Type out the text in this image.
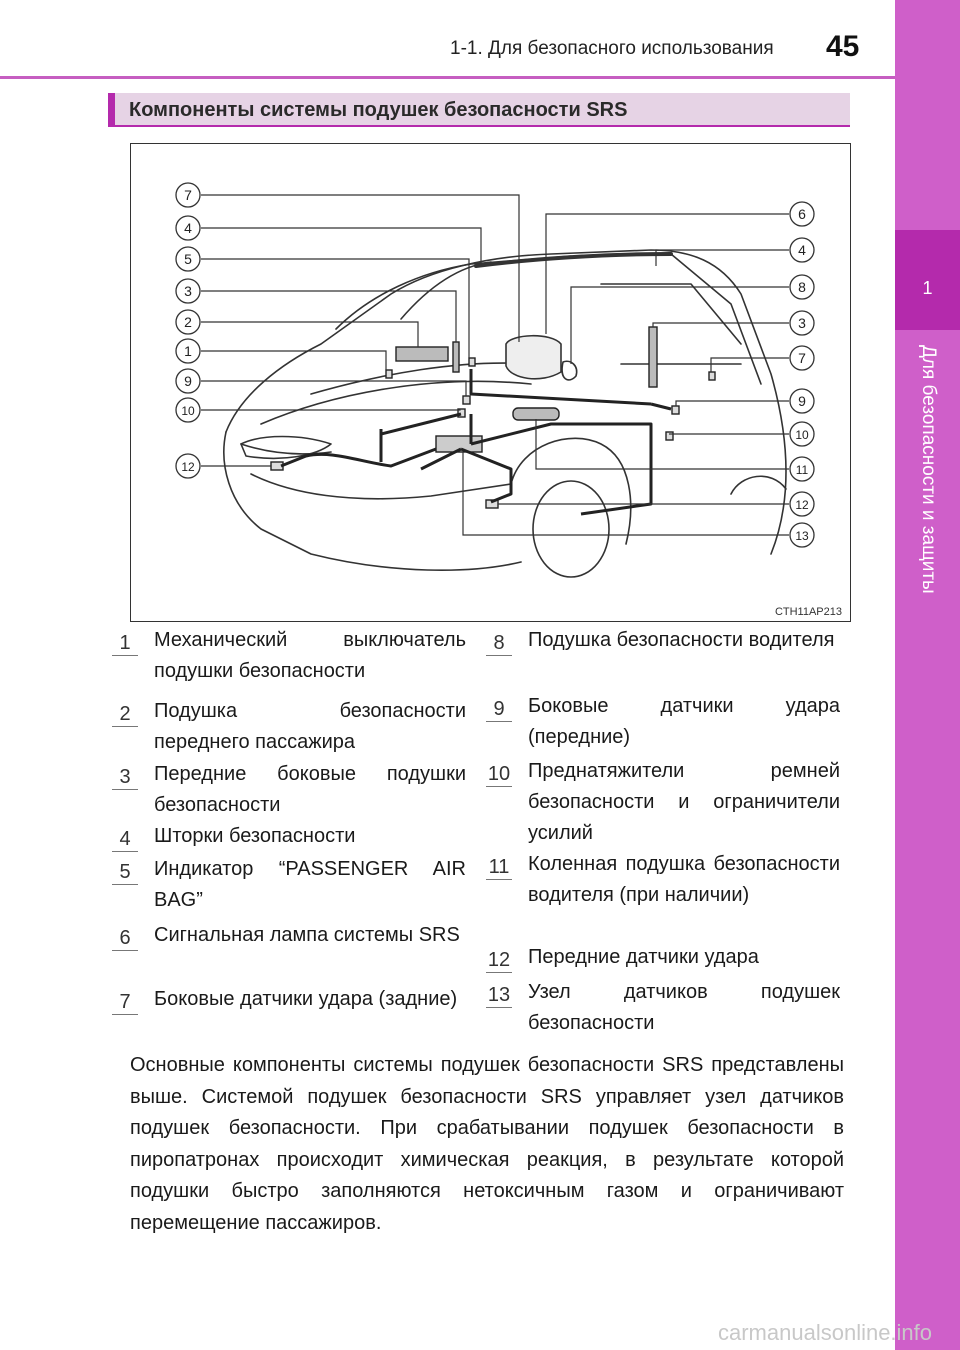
1
Для безопасности и защиты
1-1. Для безопасного использования 45
Компоненты системы подушек безопасности SRS
7
4
5
3
2
1
9
10
12
6
4
8
3
7
9
10
11
12
13
CTH11AP213
1	Механический выключатель подушки безопасности
2	Подушка безопасности переднего пассажира
3	Передние боковые подушки безопасности
4	Шторки безопасности
5	Индикатор “PASSENGER AIR BAG”
6	Сигнальная лампа системы SRS
7	Боковые датчики удара (задние)
8	Подушка безопасности водителя
9	Боковые датчики удара (передние)
10 Преднатяжители ремней безопасности и ограничители усилий
11 Коленная подушка безопасности водителя (при наличии)
12 Передние датчики удара
13 Узел датчиков подушек безопасности
Основные компоненты системы подушек безопасности SRS представлены выше. Системой подушек безопасности SRS управляет узел датчиков подушек безопасности. При срабатывании подушек безопасности в пиропатронах происходит химическая реакция, в результате которой подушки быстро заполняются нетоксичным газом и ограничивают перемещение пассажиров.
carmanualsonline.info
